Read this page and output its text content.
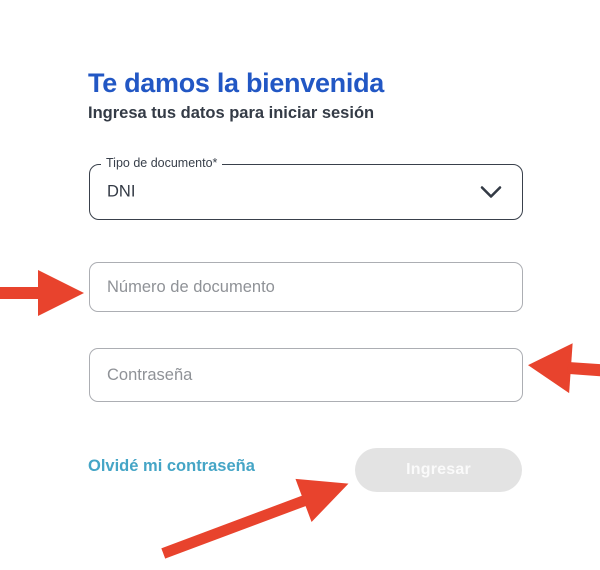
Te damos la bienvenida

Ingresa tus datos para iniciar sesión

Tipo de documento*
DNI
Número de documento
Contraseña
Olvidé mi contraseña	Ingresar
